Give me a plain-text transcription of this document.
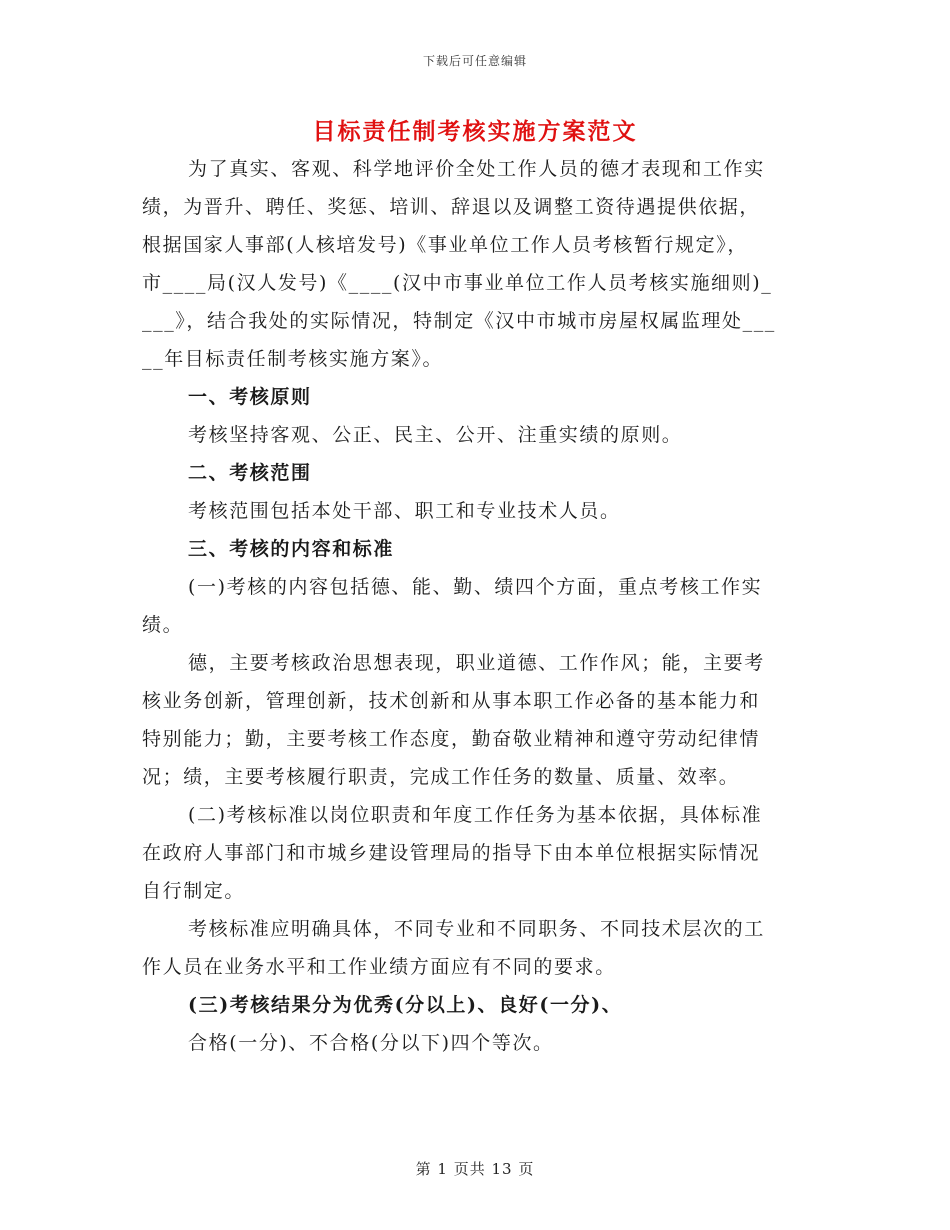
下载后可任意编辑
目标责任制考核实施方案范文
为了真实、客观、科学地评价全处工作人员的德才表现和工作实
绩，为晋升、聘任、奖惩、培训、辞退以及调整工资待遇提供依据，
根据国家人事部(人核培发号)《事业单位工作人员考核暂行规定》，
市____局(汉人发号)《____(汉中市事业单位工作人员考核实施细则)_
___》，结合我处的实际情况，特制定《汉中市城市房屋权属监理处___
__年目标责任制考核实施方案》。
一、考核原则
考核坚持客观、公正、民主、公开、注重实绩的原则。
二、考核范围
考核范围包括本处干部、职工和专业技术人员。
三、考核的内容和标准
(一)考核的内容包括德、能、勤、绩四个方面，重点考核工作实
绩。
德，主要考核政治思想表现，职业道德、工作作风；能，主要考
核业务创新，管理创新，技术创新和从事本职工作必备的基本能力和
特别能力；勤，主要考核工作态度，勤奋敬业精神和遵守劳动纪律情
况；绩，主要考核履行职责，完成工作任务的数量、质量、效率。
(二)考核标准以岗位职责和年度工作任务为基本依据，具体标准
在政府人事部门和市城乡建设管理局的指导下由本单位根据实际情况
自行制定。
考核标准应明确具体，不同专业和不同职务、不同技术层次的工
作人员在业务水平和工作业绩方面应有不同的要求。
(三)考核结果分为优秀(分以上)、良好(一分)、
合格(一分)、不合格(分以下)四个等次。
第 1 页共 13 页
